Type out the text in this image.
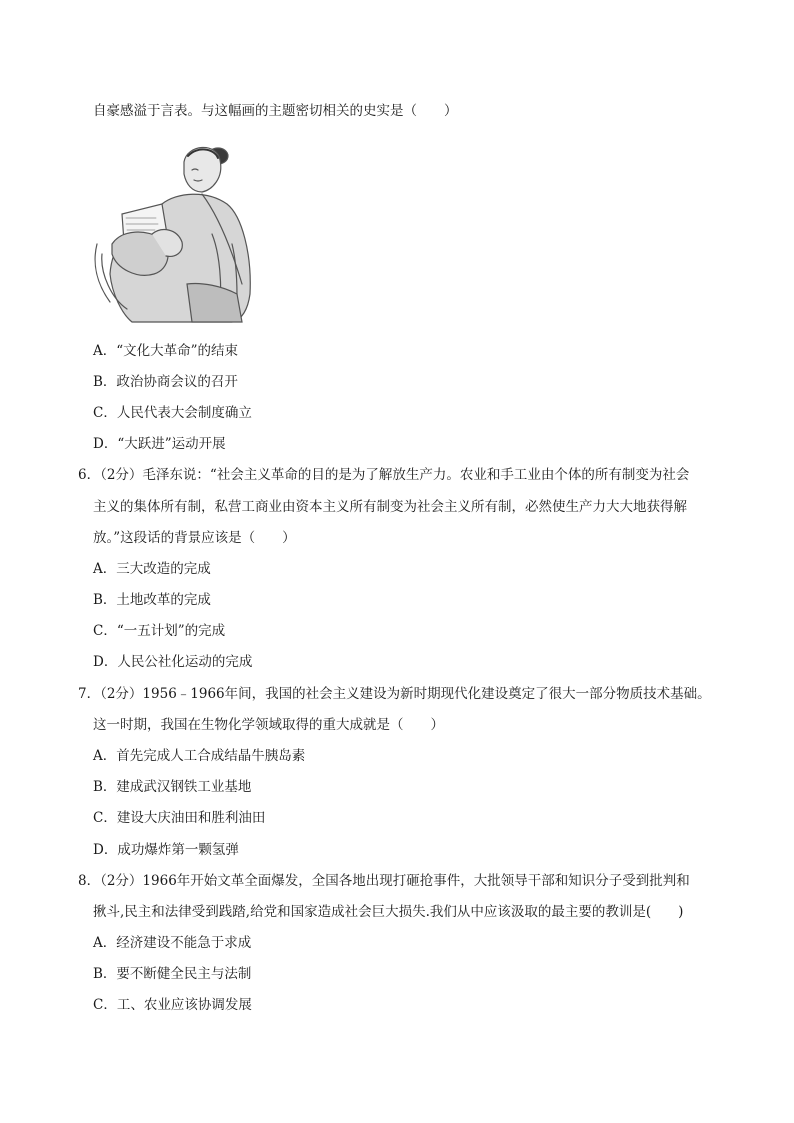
自豪感溢于言表。与这幅画的主题密切相关的史实是（　　）
A．“文化大革命”的结束
B．政治协商会议的召开
C．人民代表大会制度确立
D．“大跃进”运动开展
6．（2分）毛泽东说：“社会主义革命的目的是为了解放生产力。农业和手工业由个体的所有制变为社会
主义的集体所有制，私营工商业由资本主义所有制变为社会主义所有制，必然使生产力大大地获得解
放。”这段话的背景应该是（　　）
A．三大改造的完成
B．土地改革的完成
C．“一五计划”的完成
D．人民公社化运动的完成
7．（2分）1956﹣1966年间，我国的社会主义建设为新时期现代化建设奠定了很大一部分物质技术基础。
这一时期，我国在生物化学领域取得的重大成就是（　　）
A．首先完成人工合成结晶牛胰岛素
B．建成武汉钢铁工业基地
C．建设大庆油田和胜利油田
D．成功爆炸第一颗氢弹
8．（2分）1966年开始文革全面爆发，全国各地出现打砸抢事件，大批领导干部和知识分子受到批判和
揪斗,民主和法律受到践踏,给党和国家造成社会巨大损失.我们从中应该汲取的最主要的教训是(　　)
A．经济建设不能急于求成
B．要不断健全民主与法制
C．工、农业应该协调发展
